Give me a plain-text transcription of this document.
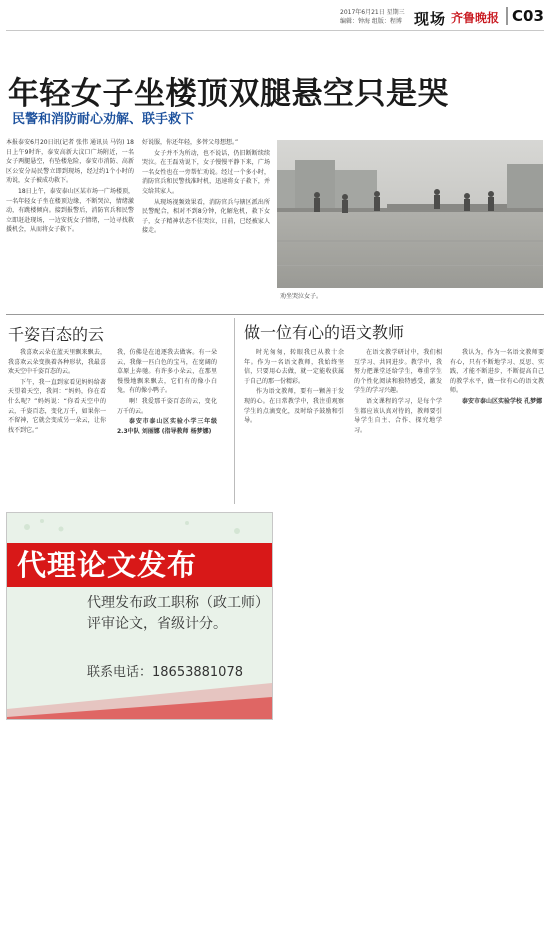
2017年6月21日 星期三
编辑：钟海 组版：程博 现场 齐鲁晚报 C03
年轻女子坐楼顶双腿悬空只是哭
民警和消防耐心劝解、联手救下

本报泰安6月20日讯(记者 张伟 通讯员 马钧) 18日上午9时许，泰安高新大汶口广场附近，一名女子两腿悬空，有坠楼危险，泰安市消防、高新区公安分局民警立即到现场，经过约1个小时的劝说，女子被成功救下。

18日上午，泰安泰山区某市场一广场楼顶，一名年轻女子坐在楼顶边缘，不断哭泣，情绪激动，有跳楼倾向。接到报警后，消防官兵和民警立即赶赴现场，一边安抚女子情绪，一边寻找救援机会，从而将女子救下。

好说服，你还年轻，多替父母想想。”

女子并不为所动，也不说话，仍旧断断续续哭泣。在王磊劝说下，女子慢慢平静下来，广场一名女性也在一旁帮忙劝说。经过一个多小时，消防官兵和民警找准时机，迅速将女子救下，并交给其家人。

从现场视频效果看，消防官兵与辖区派出所民警配合，相对不到8分钟，化解危机，救下女子，女子精神状态不佳哭泣，日前，已经被家人接走。

劝坐哭泣女子。
千姿百态的云

我喜欢云朵在蓝天里飘来飘去，我喜欢云朵变换着各种形状，我最喜欢天空中千姿百态的云。

下午，我一直到家看见妈妈给著天望着天空，我问：“妈妈，你在看什么呢？”妈妈说：“你看天空中的云，千姿百态，变化万千，如果你一不留神，它就会变成另一朵云，让你找不到它。”

我，仿佛是在追逐我去做客。有一朵云，我像一匹白色的宝马，在宽阔的草原上奔驰。有许多小朵云，在那里慢慢地飘来飘去，它们有的像小白兔，有的像小鸭子。

啊！我爱那千姿百态的云，变化万千的云。

泰安市泰山区实验小学三年级2.3中队 刘丽娜 (指导教师 杨梦娜)

做一位有心的语文教师

时光匆匆，转眼我已从教十余年。作为一名语文教师，我始终坚信，只要用心去做，就一定能收获属于自己的那一份精彩。

作为语文教师，要有一颗善于发现的心。在日常教学中，我注重观察学生的点滴变化，及时给予鼓励和引导。

在语文教学研讨中，我们相互学习、共同进步。教学中，我努力把课堂还给学生，尊重学生的个性化阅读和独特感受，激发学生的学习兴趣。

语文课程的学习，是每个学生都应该认真对待的，教师要引导学生自主、合作、探究地学习。

我认为，作为一名语文教师要有心，只有不断地学习、反思、实践，才能不断进步，不断提高自己的教学水平，做一位有心的语文教师。

泰安市泰山区实验学校 孔梦娜

代理论文发布
代理发布政工职称（政工师）评审论文，省级计分。
联系电话：18653881078
